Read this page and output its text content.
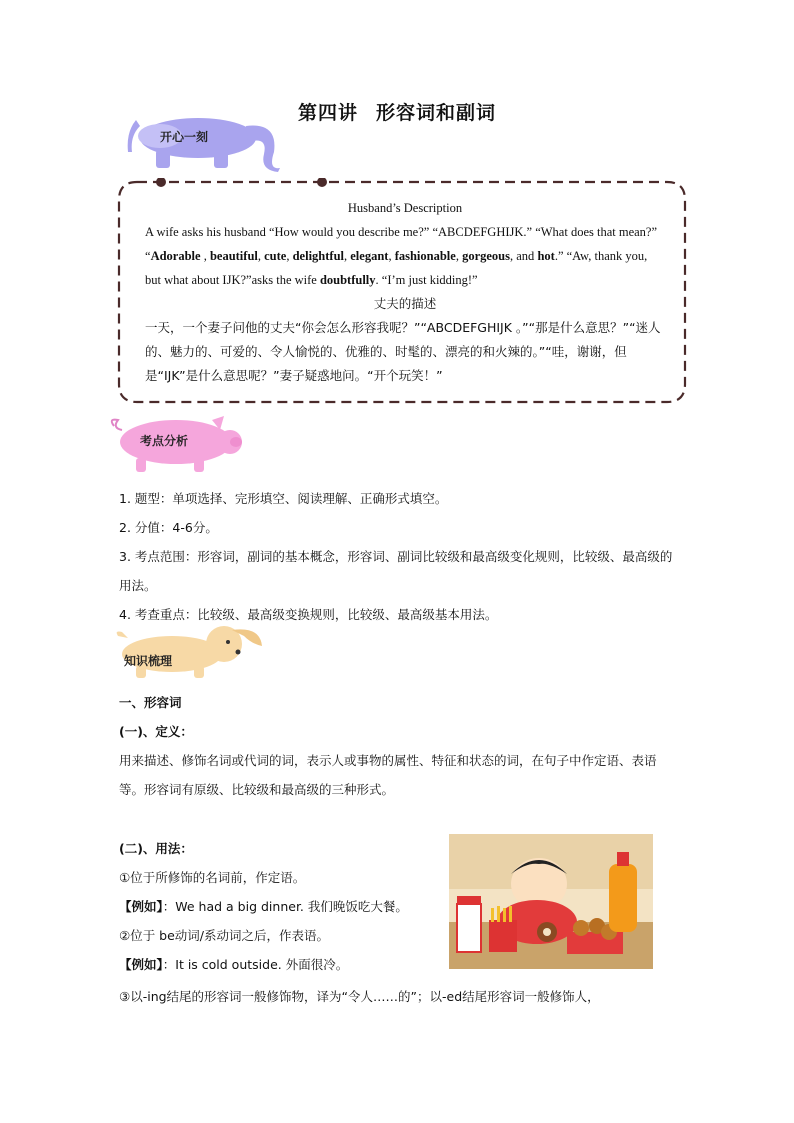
第四讲 形容词和副词
开心一刻
Husband’s Description
A wife asks his husband “How would you describe me?” “ABCDEFGHIJK.” “What does that mean?” “Adorable , beautiful, cute, delightful, elegant, fashionable, gorgeous, and hot.” “Aw, thank you, but what about IJK?”asks the wife doubtfully. “I’m just kidding!”
丈夫的描述
一天，一个妻子问他的丈夫“你会怎么形容我呢？”“ABCDEFGHIJK 。”“那是什么意思？”“迷人的、魅力的、可爱的、令人愉悦的、优雅的、时髦的、漂亮的和火辣的。”“哇，谢谢，但是“IJK”是什么意思呢？”妻子疑惑地问。“开个玩笑！”
考点分析
1. 题型：单项选择、完形填空、阅读理解、正确形式填空。
2. 分值：4-6分。
3. 考点范围：形容词，副词的基本概念，形容词、副词比较级和最高级变化规则，比较级、最高级的用法。
4. 考查重点：比较级、最高级变换规则，比较级、最高级基本用法。
知识梳理
一、形容词
(一)、定义：
用来描述、修饰名词或代词的词，表示人或事物的属性、特征和状态的词，在句子中作定语、表语等。形容词有原级、比较级和最高级的三种形式。
(二)、用法：
①位于所修饰的名词前，作定语。
【例如】：We had a big dinner. 我们晚饭吃大餐。
②位于 be动词/系动词之后，作表语。
【例如】：It is cold outside. 外面很冷。
③以-ing结尾的形容词一般修饰物，译为“令人……的”；以-ed结尾形容词一般修饰人，
